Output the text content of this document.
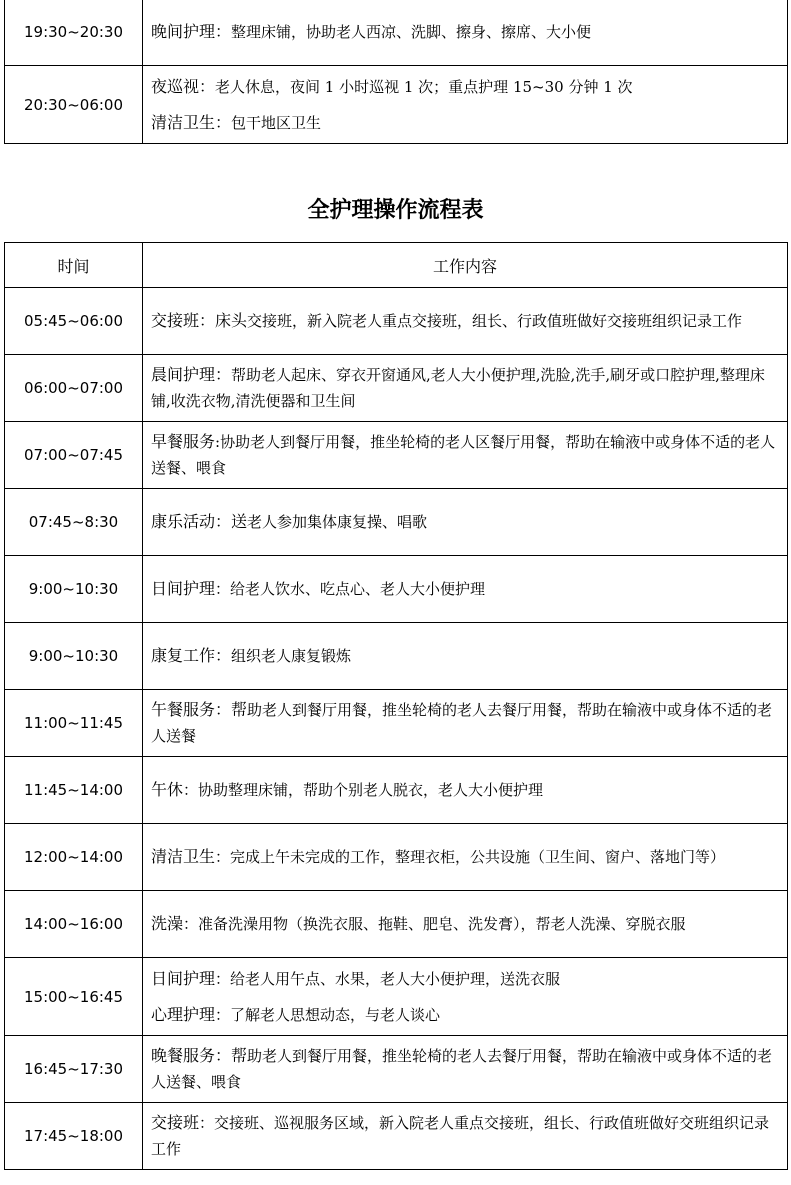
19:30~20:30	晚间护理：整理床铺，协助老人西凉、洗脚、擦身、擦席、大小便

20:30~06:00	夜巡视：老人休息，夜间 1 小时巡视 1 次；重点护理 15~30 分钟 1 次
清洁卫生：包干地区卫生
全护理操作流程表
时间	工作内容
05:45~06:00	交接班：床头交接班，新入院老人重点交接班，组长、行政值班做好交接班组织记录工作

06:00~07:00	晨间护理：帮助老人起床、穿衣开窗通风,老人大小便护理,洗脸,洗手,刷牙或口腔护理,整理床铺,收洗衣物,清洗便器和卫生间

07:00~07:45	早餐服务:协助老人到餐厅用餐，推坐轮椅的老人区餐厅用餐，帮助在输液中或身体不适的老人送餐、喂食

07:45~8:30	康乐活动：送老人参加集体康复操、唱歌

9:00~10:30	日间护理：给老人饮水、吃点心、老人大小便护理

9:00~10:30	康复工作：组织老人康复锻炼

11:00~11:45	午餐服务：帮助老人到餐厅用餐，推坐轮椅的老人去餐厅用餐，帮助在输液中或身体不适的老人送餐

11:45~14:00	午休：协助整理床铺，帮助个别老人脱衣，老人大小便护理

12:00~14:00	清洁卫生：完成上午未完成的工作，整理衣柜，公共设施（卫生间、窗户、落地门等）

14:00~16:00	洗澡：准备洗澡用物（换洗衣服、拖鞋、肥皂、洗发膏），帮老人洗澡、穿脱衣服

15:00~16:45	日间护理：给老人用午点、水果，老人大小便护理，送洗衣服
心理护理：了解老人思想动态，与老人谈心

16:45~17:30	晚餐服务：帮助老人到餐厅用餐，推坐轮椅的老人去餐厅用餐，帮助在输液中或身体不适的老人送餐、喂食

17:45~18:00	交接班：交接班、巡视服务区域，新入院老人重点交接班，组长、行政值班做好交班组织记录工作
